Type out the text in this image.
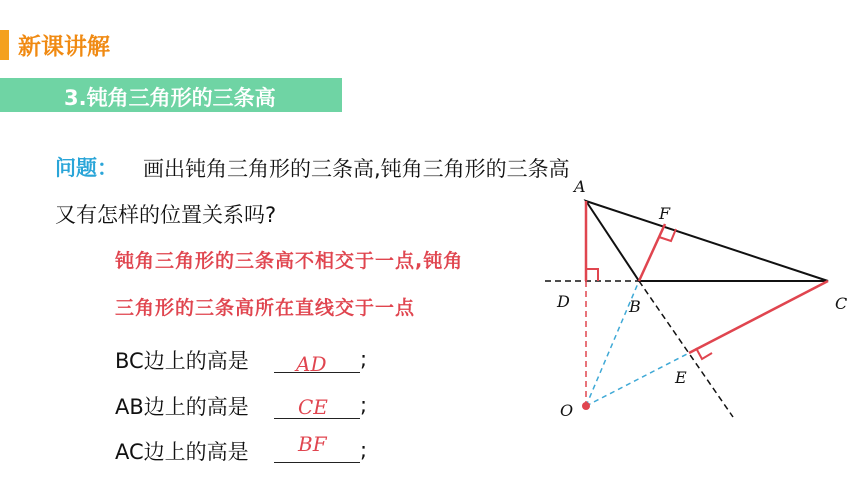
新课讲解
3.钝角三角形的三条高
问题： 画出钝角三角形的三条高,钝角三角形的三条高
又有怎样的位置关系吗?
钝角三角形的三条高不相交于一点,钝角
三角形的三条高所在直线交于一点
BC边上的高是 AD ;
AB边上的高是 CE ;
AC边上的高是 BF ;
A
B	C
D
E
F
O
